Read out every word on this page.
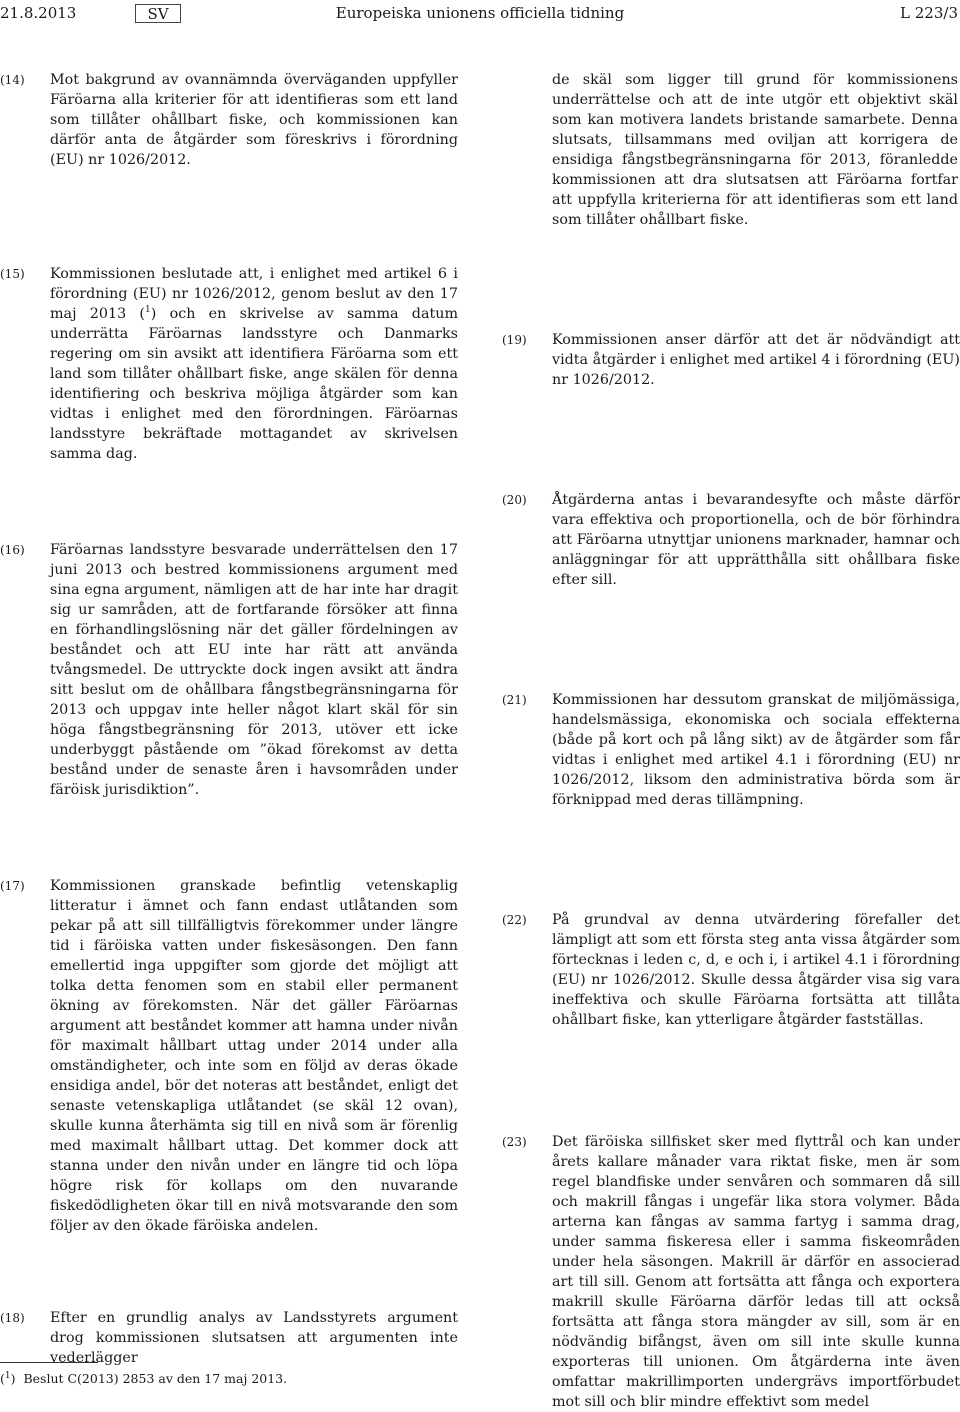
21.8.2013	SV	Europeiska unionens officiella tidning	L 223/3
(14) Mot bakgrund av ovannämnda överväganden uppfyller Färöarna alla kriterier för att identifieras som ett land som tillåter ohållbart fiske, och kommissionen kan därför anta de åtgärder som föreskrivs i förordning (EU) nr 1026/2012.
(15) Kommissionen beslutade att, i enlighet med artikel 6 i förordning (EU) nr 1026/2012, genom beslut av den 17 maj 2013 ($^1$) och en skrivelse av samma datum underrätta Färöarnas landsstyre och Danmarks regering om sin avsikt att identifiera Färöarna som ett land som tillåter ohållbart fiske, ange skälen för denna identifiering och beskriva möjliga åtgärder som kan vidtas i enlighet med den förordningen. Färöarnas landsstyre bekräftade mottagandet av skrivelsen samma dag.
(16) Färöarnas landsstyre besvarade underrättelsen den 17 juni 2013 och bestred kommissionens argument med sina egna argument, nämligen att de har inte har dragit sig ur samråden, att de fortfarande försöker att finna en förhandlingslösning när det gäller fördelningen av beståndet och att EU inte har rätt att använda tvångsmedel. De uttryckte dock ingen avsikt att ändra sitt beslut om de ohållbara fångstbegränsningarna för 2013 och uppgav inte heller något klart skäl för sin höga fångstbegränsning för 2013, utöver ett icke underbyggt påstående om ”ökad förekomst av detta bestånd under de senaste åren i havsområden under färöisk jurisdiktion”.
(17) Kommissionen granskade befintlig vetenskaplig litteratur i ämnet och fann endast utlåtanden som pekar på att sill tillfälligtvis förekommer under längre tid i färöiska vatten under fiskesäsongen. Den fann emellertid inga uppgifter som gjorde det möjligt att tolka detta fenomen som en stabil eller permanent ökning av förekomsten. När det gäller Färöarnas argument att beståndet kommer att hamna under nivån för maximalt hållbart uttag under 2014 under alla omständigheter, och inte som en följd av deras ökade ensidiga andel, bör det noteras att beståndet, enligt det senaste vetenskapliga utlåtandet (se skäl 12 ovan), skulle kunna återhämta sig till en nivå som är förenlig med maximalt hållbart uttag. Det kommer dock att stanna under den nivån under en längre tid och löpa högre risk för kollaps om den nuvarande fiskedödligheten ökar till en nivå motsvarande den som följer av den ökade färöiska andelen.
(18) Efter en grundlig analys av Landsstyrets argument drog kommissionen slutsatsen att argumenten inte vederlägger
de skäl som ligger till grund för kommissionens underrättelse och att de inte utgör ett objektivt skäl som kan motivera landets bristande samarbete. Denna slutsats, tillsammans med oviljan att korrigera de ensidiga fångstbegränsningarna för 2013, föranledde kommissionen att dra slutsatsen att Färöarna fortfar att uppfylla kriterierna för att identifieras som ett land som tillåter ohållbart fiske.
(19) Kommissionen anser därför att det är nödvändigt att vidta åtgärder i enlighet med artikel 4 i förordning (EU) nr 1026/2012.
(20) Åtgärderna antas i bevarandesyfte och måste därför vara effektiva och proportionella, och de bör förhindra att Färöarna utnyttjar unionens marknader, hamnar och anläggningar för att upprätthålla sitt ohållbara fiske efter sill.
(21) Kommissionen har dessutom granskat de miljömässiga, handelsmässiga, ekonomiska och sociala effekterna (både på kort och på lång sikt) av de åtgärder som får vidtas i enlighet med artikel 4.1 i förordning (EU) nr 1026/2012, liksom den administrativa börda som är förknippad med deras tillämpning.
(22) På grundval av denna utvärdering förefaller det lämpligt att som ett första steg anta vissa åtgärder som förtecknas i leden c, d, e och i, i artikel 4.1 i förordning (EU) nr 1026/2012. Skulle dessa åtgärder visa sig vara ineffektiva och skulle Färöarna fortsätta att tillåta ohållbart fiske, kan ytterligare åtgärder fastställas.
(23) Det färöiska sillfisket sker med flyttrål och kan under årets kallare månader vara riktat fiske, men är som regel blandfiske under senvåren och sommaren då sill och makrill fångas i ungefär lika stora volymer. Båda arterna kan fångas av samma fartyg i samma drag, under samma fiskeresa eller i samma fiskeområden under hela säsongen. Makrill är därför en associerad art till sill. Genom att fortsätta att fånga och exportera makrill skulle Färöarna därför ledas till att också fortsätta att fånga stora mängder av sill, som är en nödvändig bifångst, även om sill inte skulle kunna exporteras till unionen. Om åtgärderna inte även omfattar makrillimporten undergrävs importförbudet mot sill och blir mindre effektivt som medel
($^1$)  Beslut C(2013) 2853 av den 17 maj 2013.
